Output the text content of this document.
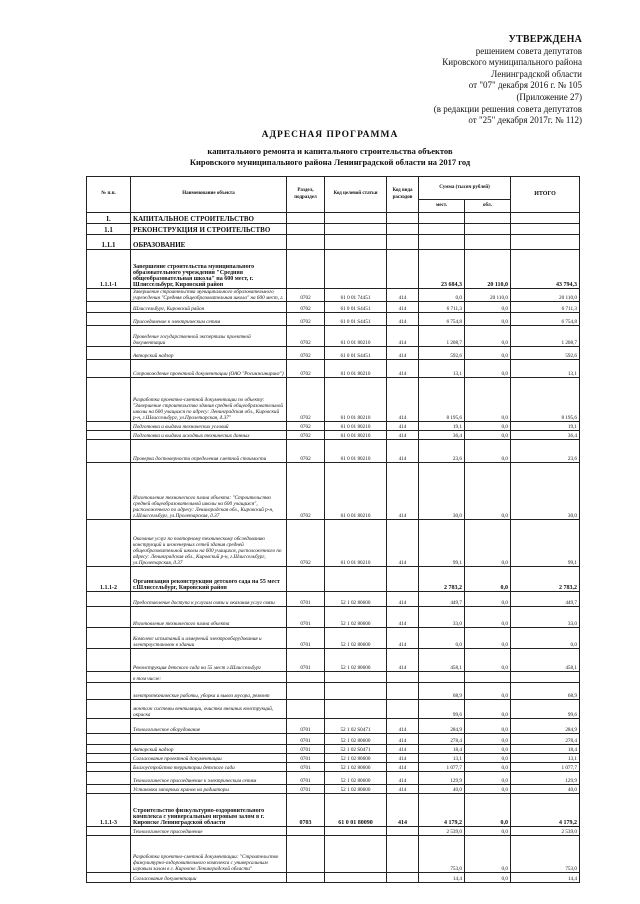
УТВЕРЖДЕНА
решением совета депутатов
Кировского муниципального района
Ленинградской области
от "07" декабря 2016 г. № 105
(Приложение 27)
(в редакции решения совета депутатов
от "25" декабря 2017г. № 112)
АДРЕСНАЯ ПРОГРАММА
капитального ремонта и капитального строительства объектов
Кировского муниципального района Ленинградской области на 2017 год
№ п.п.	Наименование объекта	Раздел, подраздел	Код целевой статьи	Код вида расходов	Сумма (тысяч рублей)		ИТОГО
					мест.	обл.	
I.	КАПИТАЛЬНОЕ СТРОИТЕЛЬСТВО						
1.1	РЕКОНСТРУКЦИЯ И СТРОИТЕЛЬСТВО						
1.1.1	ОБРАЗОВАНИЕ						
1.1.1-1	Завершение строительства муниципального образовательного учреждения "Средняя общеобразовательная школа" на 600 мест, г. Шлиссельбург, Кировский район				23 684,3	20 110,0	43 794,3
	Завершение строительства муниципального образовательного учреждения "Средняя общеобразовательная школа" на 600 мест, г.	0702	61 0 01 74451	414	0,0	20 110,0	20 110,0
	Шлиссельбург, Кировский район	0702	61 0 01 S4451	414	6 711,3	0,0	6 711,3
	Присоединение к электрическим сетям	0702	61 0 01 S4451	414	6 754,8	0,0	6 754,8
	Проведение государственной экспертизы проектной документации	0702	61 0 01 80210	414	1 208,7	0,0	1 208,7
	Авторский надзор	0702	61 0 01 S4451	414	592,6	0,0	592,6
	Сопровождение проектной документации (ОАО "Росинжиниринг")	0702	61 0 01 80210	414	13,1	0,0	13,1
	Разработка проектно-сметной документации по объекту: "Завершение строительства здания средней общеобразовательной школы на 600 учащихся по адресу: Ленинградская обл., Кировский р-н, г.Шлиссельбург, ул.Пролетарская, д.37"	0702	61 0 01 80210	414	8 195,6	0,0	8 195,6
	Подготовка и выдача технических условий	0702	61 0 01 80210	414	19,1	0,0	19,1
	Подготовка и выдача исходных технических данных	0702	61 0 01 80210	414	36,4	0,0	36,4
	Проверка достоверности определения сметной стоимости	0702	61 0 01 80210	414	23,6	0,0	23,6
	Изготовление технического плана объекта: "Строительство средней общеобразовательной школы на 600 учащихся", расположенного по адресу: Ленинградская обл., Кировский р-н, г.Шлиссельбург, ул.Пролетарская, д.37	0702	61 0 01 80210	414	30,0	0,0	30,0
	Оказание услуг по повторному техническому обследованию конструкций и инженерных сетей здания средней общеобразовательной школы на 600 учащихся, расположенного по адресу: Ленинградская обл., Кировский р-н, г.Шлиссельбург, ул.Пролетарская, д.37	0702	61 0 01 80210	414	99,1	0,0	99,1
1.1.1-2	Организация реконструкции детского сада на 55 мест г.Шлиссельбург, Кировский район				2 783,2	0,0	2 783,2
	Предоставление доступа к услугам связи и оказания услуг связи	0701	52 1 02 80600	414	449,7	0,0	449,7
	Изготовление технического плана объекта	0701	52 1 02 80600	414	33,0	0,0	33,0
	Комплекс испытаний и измерений электрооборудования и электроустановок в здании	0701	52 1 02 80600	414	0,0	0,0	0,0
	Реконструкция детского сада на 55 мест г.Шлиссельбург	0701	52 1 02 80600	414	458,1	0,0	458,1
	в том числе:						
	электротехнические работы, уборка и вывоз мусора, ремонт				68,9	0,0	68,9
	монтаж системы вентиляции, очистка внешних конструкций, окраска				99,6	0,0	99,6
	Технологическое оборудование	0701	52 1 02 S0471	414	284,9	0,0	284,9
		0701	52 1 02 80600	414	278,4	0,0	278,4
	Авторский надзор	0701	52 1 02 S0471	414	18,4	0,0	18,4
	Согласование проектной документации	0701	52 1 02 80600	414	13,1	0,0	13,1
	Благоустройство территории детского сада	0701	52 1 02 80600	414	1 077,7	0,0	1 077,7
	Технологическое присоединение к электрическим сетям	0701	52 1 02 80600	414	129,9	0,0	129,9
	Установка запорных кранов на радиаторы	0701	52 1 02 80600	414	40,0	0,0	40,0
1.1.1-3	Строительство физкультурно-оздоровительного комплекса с универсальным игровым залом в г. Кировске Ленинградской области	0703	61 0 01 80090	414	4 179,2	0,0	4 179,2
	Технологическое присоединение				2 539,0	0,0	2 539,0
	Разработка проектно-сметной документации: "Строительство физкультурно-оздоровительного комплекса с универсальным игровым залом в г. Кировске Ленинградской области"				753,0	0,0	753,0
	Согласование документации				14,4	0,0	14,4
